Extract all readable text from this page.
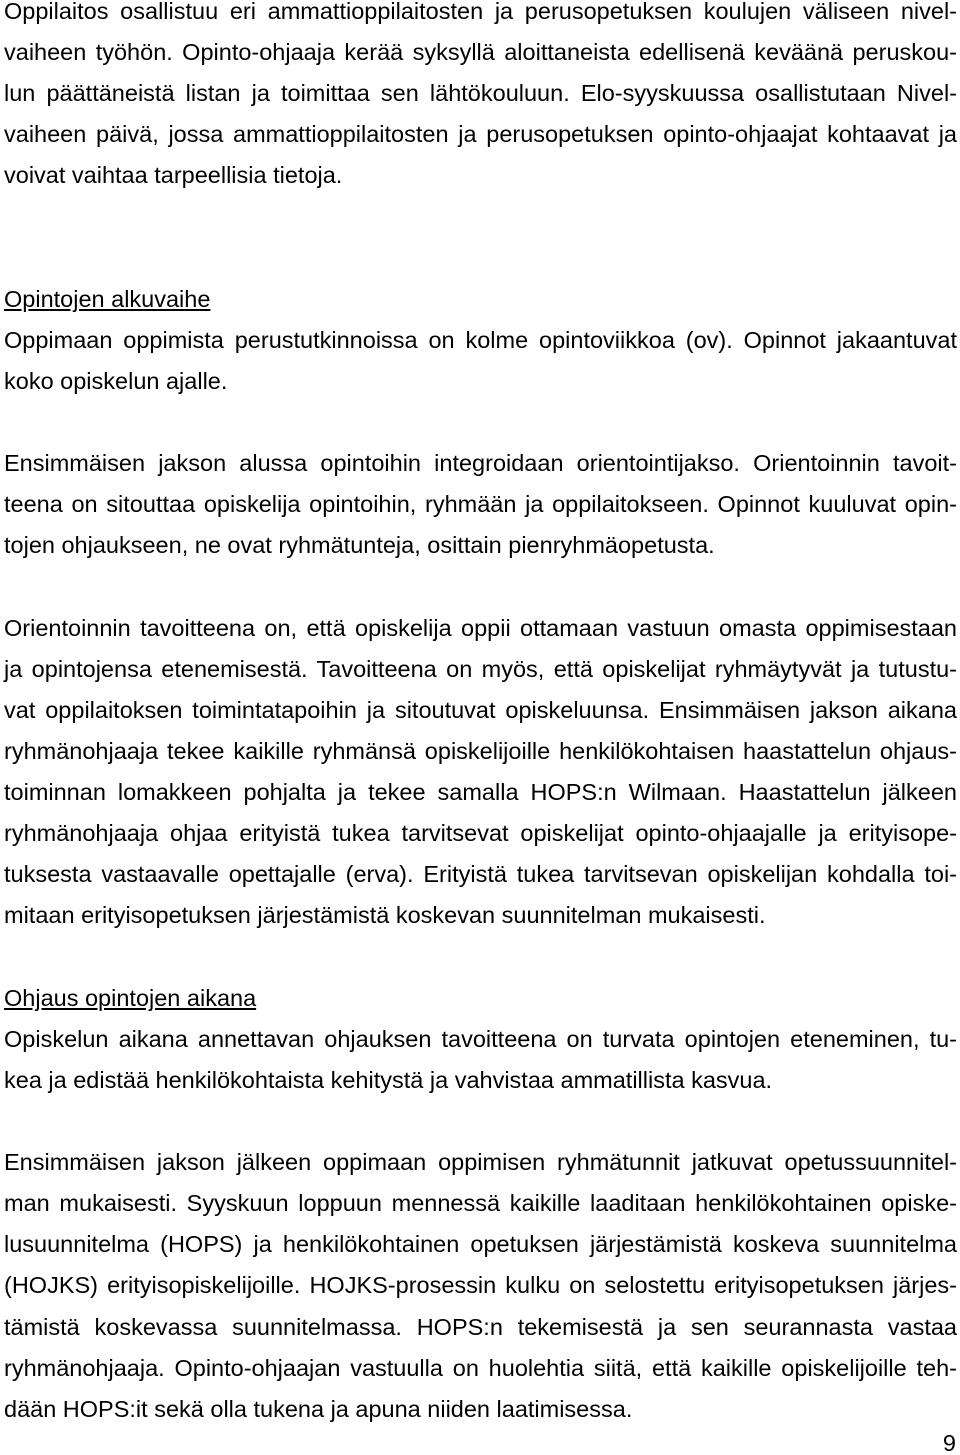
Oppilaitos osallistuu eri ammattioppilaitosten ja perusopetuksen koulujen väliseen nivel-
vaiheen työhön. Opinto-ohjaaja kerää syksyllä aloittaneista edellisenä keväänä peruskou-
lun päättäneistä listan ja toimittaa sen lähtökouluun. Elo-syyskuussa osallistutaan Nivel-
vaiheen päivä, jossa ammattioppilaitosten ja perusopetuksen opinto-ohjaajat kohtaavat ja
voivat vaihtaa tarpeellisia tietoja.
Opintojen alkuvaihe
Oppimaan oppimista perustutkinnoissa on kolme opintoviikkoa (ov). Opinnot jakaantuvat
koko opiskelun ajalle.
Ensimmäisen jakson alussa opintoihin integroidaan orientointijakso. Orientoinnin tavoit-
teena on sitouttaa opiskelija opintoihin, ryhmään ja oppilaitokseen. Opinnot kuuluvat opin-
tojen ohjaukseen, ne ovat ryhmätunteja, osittain pienryhmäopetusta.
Orientoinnin tavoitteena on, että opiskelija oppii ottamaan vastuun omasta oppimisestaan
ja opintojensa etenemisestä. Tavoitteena on myös, että opiskelijat ryhmäytyvät ja tutustu-
vat oppilaitoksen toimintatapoihin ja sitoutuvat opiskeluunsa. Ensimmäisen jakson aikana
ryhmänohjaaja tekee kaikille ryhmänsä opiskelijoille henkilökohtaisen haastattelun ohjaus-
toiminnan lomakkeen pohjalta ja tekee samalla HOPS:n Wilmaan. Haastattelun jälkeen
ryhmänohjaaja ohjaa erityistä tukea tarvitsevat opiskelijat opinto-ohjaajalle ja erityisope-
tuksesta vastaavalle opettajalle (erva). Erityistä tukea tarvitsevan opiskelijan kohdalla toi-
mitaan erityisopetuksen järjestämistä koskevan suunnitelman mukaisesti.
Ohjaus opintojen aikana
Opiskelun aikana annettavan ohjauksen tavoitteena on turvata opintojen eteneminen, tu-
kea ja edistää henkilökohtaista kehitystä ja vahvistaa ammatillista kasvua.
Ensimmäisen jakson jälkeen oppimaan oppimisen ryhmätunnit jatkuvat opetussuunnitel-
man mukaisesti. Syyskuun loppuun mennessä kaikille laaditaan henkilökohtainen opiske-
lusuunnitelma (HOPS) ja henkilökohtainen opetuksen järjestämistä koskeva suunnitelma
(HOJKS) erityisopiskelijoille. HOJKS-prosessin kulku on selostettu erityisopetuksen järjes-
tämistä koskevassa suunnitelmassa. HOPS:n tekemisestä ja sen seurannasta vastaa
ryhmänohjaaja. Opinto-ohjaajan vastuulla on huolehtia siitä, että kaikille opiskelijoille teh-
dään HOPS:it sekä olla tukena ja apuna niiden laatimisessa.
9
